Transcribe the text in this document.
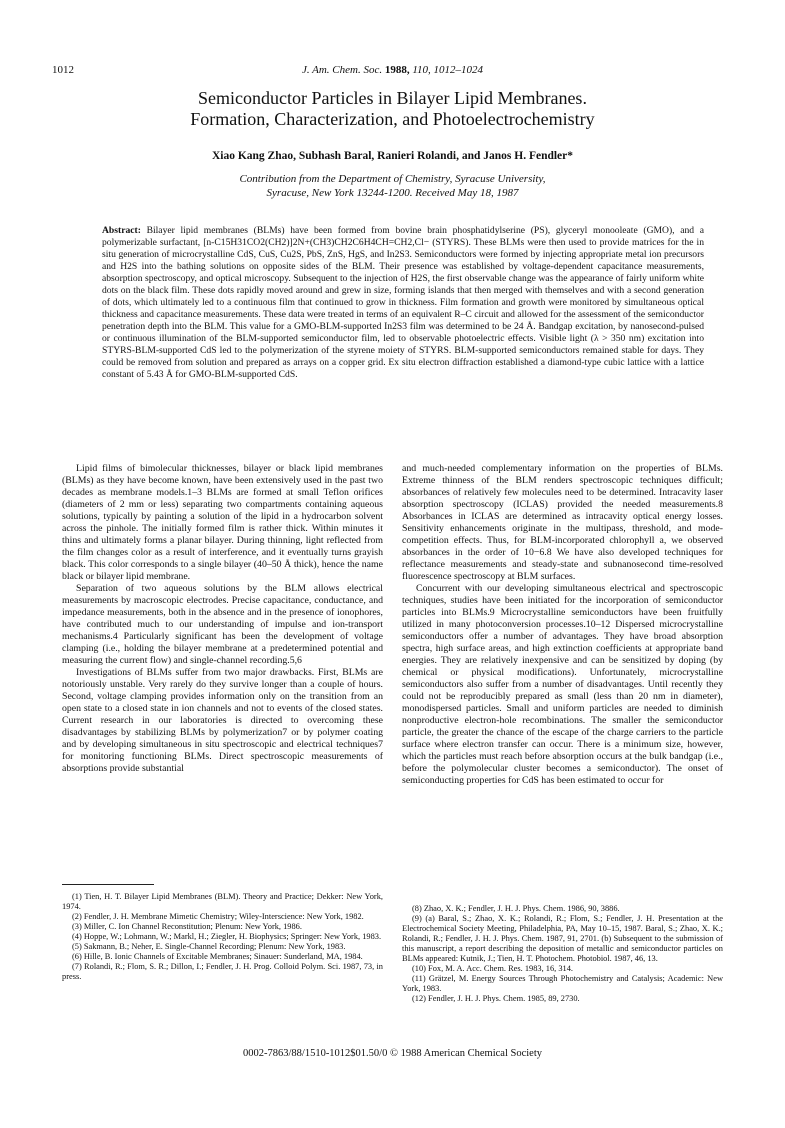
1012	J. Am. Chem. Soc. 1988, 110, 1012–1024
Semiconductor Particles in Bilayer Lipid Membranes.
Formation, Characterization, and Photoelectrochemistry
Xiao Kang Zhao, Subhash Baral, Ranieri Rolandi, and Janos H. Fendler*
Contribution from the Department of Chemistry, Syracuse University,
Syracuse, New York 13244-1200. Received May 18, 1987
Abstract: Bilayer lipid membranes (BLMs) have been formed from bovine brain phosphatidylserine (PS), glyceryl monooleate (GMO), and a polymerizable surfactant, [n-C15H31CO2(CH2)]2N+(CH3)CH2C6H4CH=CH2,Cl− (STYRS). These BLMs were then used to provide matrices for the in situ generation of microcrystalline CdS, CuS, Cu2S, PbS, ZnS, HgS, and In2S3. Semiconductors were formed by injecting appropriate metal ion precursors and H2S into the bathing solutions on opposite sides of the BLM. Their presence was established by voltage-dependent capacitance measurements, absorption spectroscopy, and optical microscopy. Subsequent to the injection of H2S, the first observable change was the appearance of fairly uniform white dots on the black film. These dots rapidly moved around and grew in size, forming islands that then merged with themselves and with a second generation of dots, which ultimately led to a continuous film that continued to grow in thickness. Film formation and growth were monitored by simultaneous optical thickness and capacitance measurements. These data were treated in terms of an equivalent R–C circuit and allowed for the assessment of the semiconductor penetration depth into the BLM. This value for a GMO-BLM-supported In2S3 film was determined to be 24 Å. Bandgap excitation, by nanosecond-pulsed or continuous illumination of the BLM-supported semiconductor film, led to observable photoelectric effects. Visible light (λ > 350 nm) excitation into STYRS-BLM-supported CdS led to the polymerization of the styrene moiety of STYRS. BLM-supported semiconductors remained stable for days. They could be removed from solution and prepared as arrays on a copper grid. Ex situ electron diffraction established a diamond-type cubic lattice with a lattice constant of 5.43 Å for GMO-BLM-supported CdS.

Lipid films of bimolecular thicknesses, bilayer or black lipid membranes (BLMs) as they have become known, have been extensively used in the past two decades as membrane models.1–3 BLMs are formed at small Teflon orifices (diameters of 2 mm or less) separating two compartments containing aqueous solutions, typically by painting a solution of the lipid in a hydrocarbon solvent across the pinhole. The initially formed film is rather thick. Within minutes it thins and ultimately forms a planar bilayer. During thinning, light reflected from the film changes color as a result of interference, and it eventually turns grayish black. This color corresponds to a single bilayer (40–50 Å thick), hence the name black or bilayer lipid membrane.

Separation of two aqueous solutions by the BLM allows electrical measurements by macroscopic electrodes. Precise capacitance, conductance, and impedance measurements, both in the absence and in the presence of ionophores, have contributed much to our understanding of impulse and ion-transport mechanisms.4 Particularly significant has been the development of voltage clamping (i.e., holding the bilayer membrane at a predetermined potential and measuring the current flow) and single-channel recording.5,6

Investigations of BLMs suffer from two major drawbacks. First, BLMs are notoriously unstable. Very rarely do they survive longer than a couple of hours. Second, voltage clamping provides information only on the transition from an open state to a closed state in ion channels and not to events of the closed states. Current research in our laboratories is directed to overcoming these disadvantages by stabilizing BLMs by polymerization7 or by polymer coating and by developing simultaneous in situ spectroscopic and electrical techniques7 for monitoring functioning BLMs. Direct spectroscopic measurements of absorptions provide substantial

and much-needed complementary information on the properties of BLMs. Extreme thinness of the BLM renders spectroscopic techniques difficult; absorbances of relatively few molecules need to be determined. Intracavity laser absorption spectroscopy (ICLAS) provided the needed measurements.8 Absorbances in ICLAS are determined as intracavity optical energy losses. Sensitivity enhancements originate in the multipass, threshold, and mode-competition effects. Thus, for BLM-incorporated chlorophyll a, we observed absorbances in the order of 10−6.8 We have also developed techniques for reflectance measurements and steady-state and subnanosecond time-resolved fluorescence spectroscopy at BLM surfaces.

Concurrent with our developing simultaneous electrical and spectroscopic techniques, studies have been initiated for the incorporation of semiconductor particles into BLMs.9 Microcrystalline semiconductors have been fruitfully utilized in many photoconversion processes.10–12 Dispersed microcrystalline semiconductors offer a number of advantages. They have broad absorption spectra, high surface areas, and high extinction coefficients at appropriate band energies. They are relatively inexpensive and can be sensitized by doping (by chemical or physical modifications). Unfortunately, microcrystalline semiconductors also suffer from a number of disadvantages. Until recently they could not be reproducibly prepared as small (less than 20 nm in diameter), monodispersed particles. Small and uniform particles are needed to diminish nonproductive electron-hole recombinations. The smaller the semiconductor particle, the greater the chance of the escape of the charge carriers to the particle surface where electron transfer can occur. There is a minimum size, however, which the particles must reach before absorption occurs at the bulk bandgap (i.e., before the polymolecular cluster becomes a semiconductor). The onset of semiconducting properties for CdS has been estimated to occur for

(1) Tien, H. T. Bilayer Lipid Membranes (BLM). Theory and Practice; Dekker: New York, 1974.
(2) Fendler, J. H. Membrane Mimetic Chemistry; Wiley-Interscience: New York, 1982.
(3) Miller, C. Ion Channel Reconstitution; Plenum: New York, 1986.
(4) Hoppe, W.; Lohmann, W.; Markl, H.; Ziegler, H. Biophysics; Springer: New York, 1983.
(5) Sakmann, B.; Neher, E. Single-Channel Recording; Plenum: New York, 1983.
(6) Hille, B. Ionic Channels of Excitable Membranes; Sinauer: Sunderland, MA, 1984.
(7) Rolandi, R.; Flom, S. R.; Dillon, I.; Fendler, J. H. Prog. Colloid Polym. Sci. 1987, 73, in press.
(8) Zhao, X. K.; Fendler, J. H. J. Phys. Chem. 1986, 90, 3886.
(9) (a) Baral, S.; Zhao, X. K.; Rolandi, R.; Flom, S.; Fendler, J. H. Presentation at the Electrochemical Society Meeting, Philadelphia, PA, May 10–15, 1987. Baral, S.; Zhao, X. K.; Rolandi, R.; Fendler, J. H. J. Phys. Chem. 1987, 91, 2701. (b) Subsequent to the submission of this manuscript, a report describing the deposition of metallic and semiconductor particles on BLMs appeared: Kutnik, J.; Tien, H. T. Photochem. Photobiol. 1987, 46, 13.
(10) Fox, M. A. Acc. Chem. Res. 1983, 16, 314.
(11) Grätzel, M. Energy Sources Through Photochemistry and Catalysis; Academic: New York, 1983.
(12) Fendler, J. H. J. Phys. Chem. 1985, 89, 2730.
0002-7863/88/1510-1012$01.50/0 © 1988 American Chemical Society
